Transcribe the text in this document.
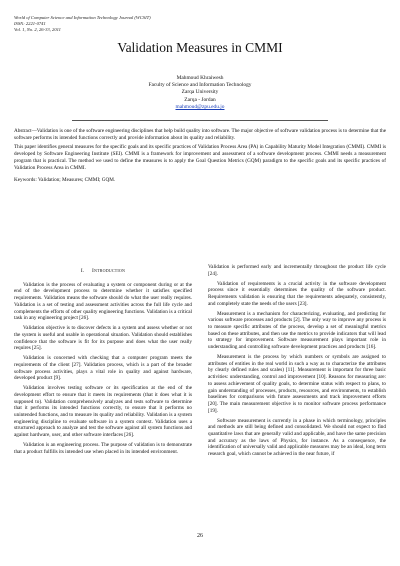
World of Computer Science and Information Technology Journal (WCSIT)
ISSN: 2221-0741
Vol. 1, No. 2, 26-33, 2011
Validation Measures in CMMI
Mahmoud Khraiwesh
Faculty of Science and Information Technology
Zarqa University
Zarqa - Jordan
mahmoud@zpu.edu.jo

Abstract—Validation is one of the software engineering disciplines that help build quality into software. The major objective of software validation process is to determine that the software performs its intended functions correctly and provide information about its quality and reliability.

This paper identifies general measures for the specific goals and its specific practices of Validation Process Area (PA) in Capability Maturity Model Integration (CMMI). CMMI is developed by Software Engineering Institute (SEI). CMMI is a framework for improvement and assessment of a software development process. CMMI needs a measurement program that is practical. The method we used to define the measures is to apply the Goal Question Metrics (GQM) paradigm to the specific goals and its specific practices of Validation Process Area in CMMI.

Keywords: Validation; Measures; CMMI; GQM.

I. Introduction

Validation is the process of evaluating a system or component during or at the end of the development process to determine whether it satisfies specified requirements. Validation means the software should do what the user really requires. Validation is a set of testing and assessment activities across the full life cycle and complements the efforts of other quality engineering functions. Validation is a critical task in any engineering project [26].

Validation objective is to discover defects in a system and assess whether or not the system is useful and usable in operational situation. Validation should establishes confidence that the software is fit for its purpose and does what the user really requires [25].

Validation is concerned with checking that a computer program meets the requirements of the client [27]. Validation process, which is a part of the broader software process activities, plays a vital role in quality and against hardware, developed product [9].

Validation involves testing software or its specification at the end of the development effort to ensure that it meets its requirements (that it does what it is supposed to). Validation comprehensively analyzes and tests software to determine that it performs its intended functions correctly, to ensure that it performs no unintended functions, and to measure its quality and reliability. Validation is a system engineering discipline to evaluate software in a system context. Validation uses a structured approach to analyze and test the software against all system functions and against hardware, user, and other software interfaces [26].

Validation is an engineering process. The purpose of validation is to demonstrate that a product fulfills its intended use when placed in its intended environment.

Validation is performed early and incrementally throughout the product life cycle [24].

Validation of requirements is a crucial activity in the software development process since it essentially determines the quality of the software product. Requirements validation is ensuring that the requirements adequately, consistently, and completely state the needs of the users [23].

Measurement is a mechanism for characterizing, evaluating, and predicting for various software processes and products [2]. The only way to improve any process is to measure specific attributes of the process, develop a set of meaningful metrics based on these attributes, and then use the metrics to provide indicators that will lead to strategy for improvement. Software measurement plays important role in understanding and controlling software development practices and products [16].

Measurement is the process by which numbers or symbols are assigned to attributes of entities in the real world in such a way as to characterize the attributes by clearly defined rules and scales) [11]. Measurement is important for three basic activities: understanding, control and improvement [10]. Reasons for measuring are: to assess achievement of quality goals, to determine status with respect to plans, to gain understanding of processes, products, resources, and environments, to establish baselines for comparisons with future assessments and track improvement efforts [20]. The main measurement objective is to monitor software process performance [19].

Software measurement is currently in a phase in which terminology, principles and methods are still being defined and consolidated. We should not expect to find quantitative laws that are generally valid and applicable, and have the same precision and accuracy as the laws of Physics, for instance. As a consequence, the identification of universally valid and applicable measures may be an ideal, long term research goal, which cannot be achieved in the near future, if

26
